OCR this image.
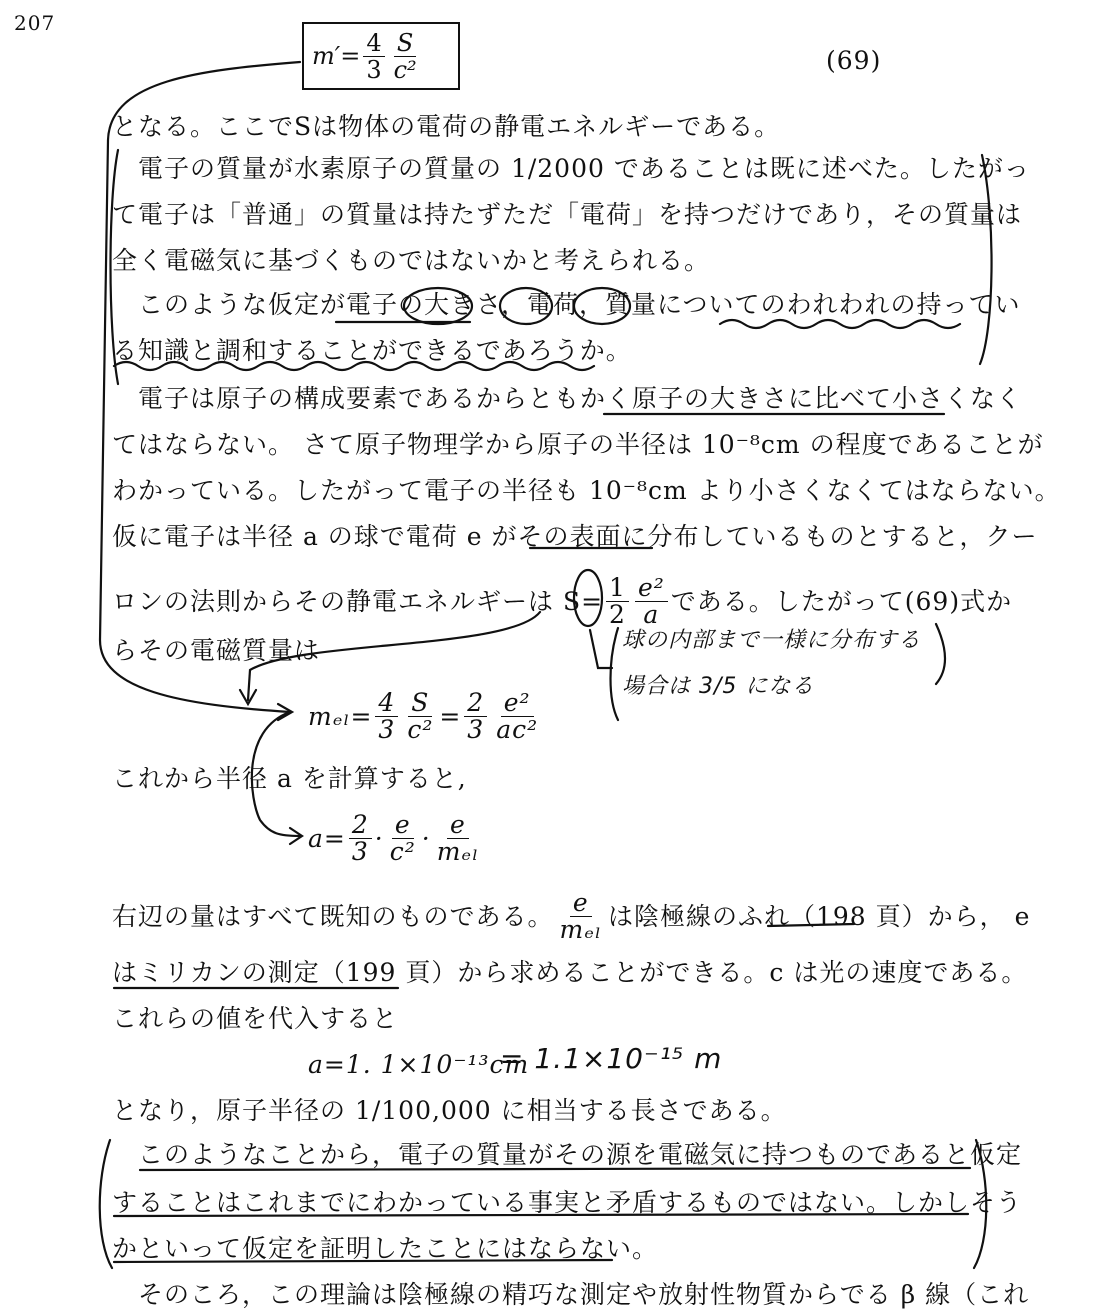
207
$m'= \frac{4}{3} \frac{S}{\text{c²}}$	(69)
となる。ここでSは物体の電荷の静電エネルギーである。
電子の質量が水素原子の質量の 1/2000 であることは既に述べた。したがっ
て電子は「普通」の質量は持たずただ「電荷」を持つだけであり，その質量は
全く電磁気に基づくものではないかと考えられる。
このような仮定が電子の大きさ，電荷，質量についてのわれわれの持ってい
る知識と調和することができるであろうか。
電子は原子の構成要素であるからともかく原子の大きさに比べて小さくなく
てはならない。 さて原子物理学から原子の半径は 10⁻⁸cm の程度であることが
わかっている。したがって電子の半径も 10⁻⁸cm より小さくなくてはならない。
仮に電子は半径 a の球で電荷 e がその表面に分布しているものとすると，クー
ロンの法則からその静電エネルギーは $S= \frac{1}{2} \frac{\text{e²}}{a}$ である。したがって(69)式か
らその電磁質量は
$m_{el}= \frac{4}{3} \frac{S}{\text{c²}} = \frac{2}{3} \frac{\text{e²}}{\text{ac²}}$
これから半径 a を計算すると,
$a= \frac{2}{3} \cdot \frac{e}{\text{c²}} \cdot \frac{e}{\text{mₑₗ}}$
右辺の量はすべて既知のものである。 $\frac{e}{\text{mₑₗ}}$ は陰極線のふれ（198 頁）から， e
はミリカンの測定（199 頁）から求めることができる。c は光の速度である。
これらの値を代入すると
a=1. 1×10⁻¹³cm
= 1.1×10⁻¹⁵ m
となり，原子半径の 1/100,000 に相当する長さである。
このようなことから，電子の質量がその源を電磁気に持つものであると仮定
することはこれまでにわかっている事実と矛盾するものではない。しかしそう
かといって仮定を証明したことにはならない。
そのころ，この理論は陰極線の精巧な測定や放射性物質からでる β 線（これ
球の内部まで一様に分布する
場合は 3/5 になる
